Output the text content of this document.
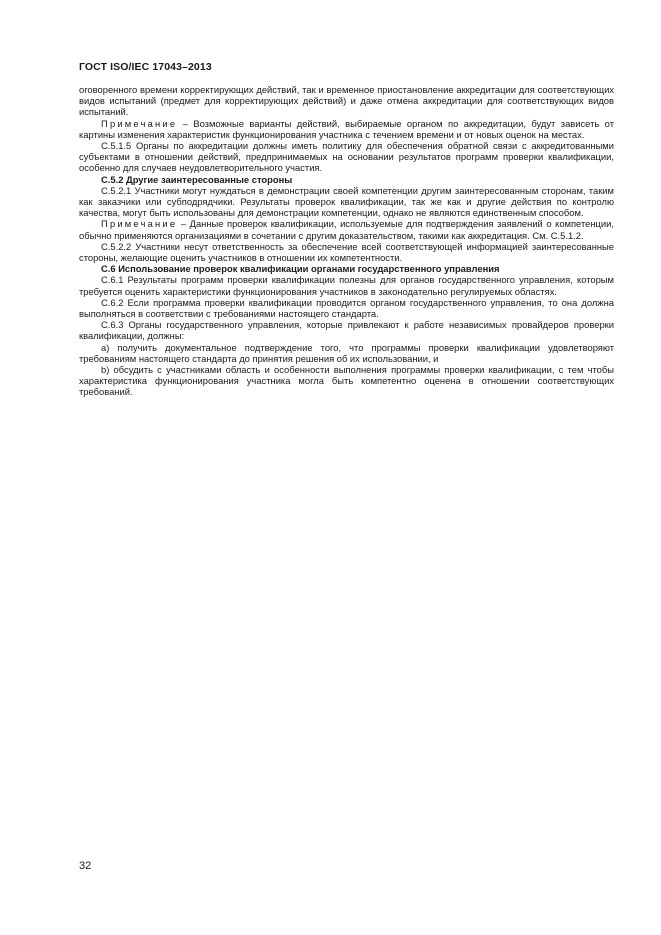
ГОСТ ISO/IEC 17043–2013

оговоренного времени корректирующих действий, так и временное приостановление аккредитации для соответствующих видов испытаний (предмет для корректирующих действий) и даже отмена аккредитации для соответствующих видов испытаний.

Примечание – Возможные варианты действий, выбираемые органом по аккредитации, будут зависеть от картины изменения характеристик функционирования участника с течением времени и от новых оценок на местах.

С.5.1.5 Органы по аккредитации должны иметь политику для обеспечения обратной связи с аккредитованными субъектами в отношении действий, предпринимаемых на основании результатов программ проверки квалификации, особенно для случаев неудовлетворительного участия.

С.5.2 Другие заинтересованные стороны

С.5.2.1 Участники могут нуждаться в демонстрации своей компетенции другим заинтересованным сторонам, таким как заказчики или субподрядчики. Результаты проверок квалификации, так же как и другие действия по контролю качества, могут быть использованы для демонстрации компетенции, однако не являются единственным способом.

Примечание – Данные проверок квалификации, используемые для подтверждения заявлений о компетенции, обычно применяются организациями в сочетании с другим доказательством, такими как аккредитация. См. С.5.1.2.

С.5.2.2 Участники несут ответственность за обеспечение всей соответствующей информацией заинтересованные стороны, желающие оценить участников в отношении их компетентности.

С.6 Использование проверок квалификации органами государственного управления

С.6.1 Результаты программ проверки квалификации полезны для органов государственного управления, которым требуется оценить характеристики функционирования участников в законодательно регулируемых областях.

С.6.2 Если программа проверки квалификации проводится органом государственного управления, то она должна выполняться в соответствии с требованиями настоящего стандарта.

С.6.3 Органы государственного управления, которые привлекают к работе независимых провайдеров проверки квалификации, должны:

a) получить документальное подтверждение того, что программы проверки квалификации удовлетворяют требованиям настоящего стандарта до принятия решения об их использовании, и

b) обсудить с участниками область и особенности выполнения программы проверки квалификации, с тем чтобы характеристика функционирования участника могла быть компетентно оценена в отношении соответствующих требований.

32
